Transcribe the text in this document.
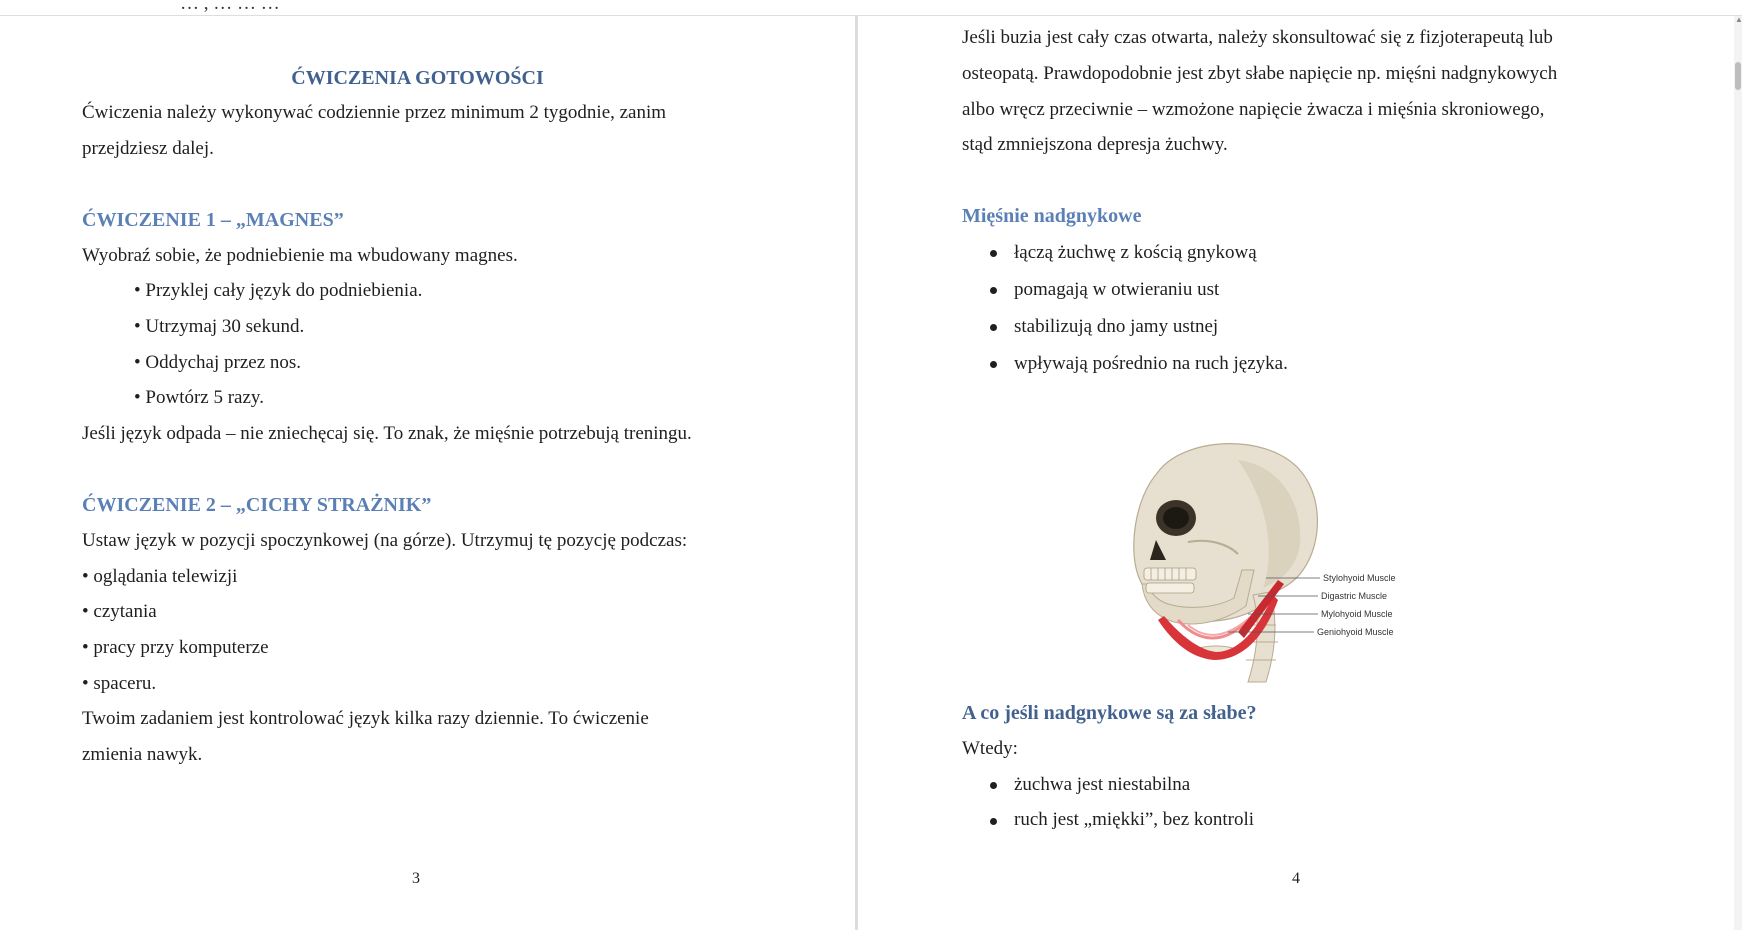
… , … … …

ĆWICZENIA GOTOWOŚCI

Ćwiczenia należy wykonywać codziennie przez minimum 2 tygodnie, zanim

przejdziesz dalej.

ĆWICZENIE 1 – „MAGNES”

Wyobraź sobie, że podniebienie ma wbudowany magnes.

• Przyklej cały język do podniebienia.

• Utrzymaj 30 sekund.

• Oddychaj przez nos.

• Powtórz 5 razy.

Jeśli język odpada – nie zniechęcaj się. To znak, że mięśnie potrzebują treningu.

ĆWICZENIE 2 – „CICHY STRAŻNIK”

Ustaw język w pozycji spoczynkowej (na górze). Utrzymuj tę pozycję podczas:

• oglądania telewizji

• czytania

• pracy przy komputerze

• spaceru.

Twoim zadaniem jest kontrolować język kilka razy dziennie. To ćwiczenie

zmienia nawyk.

3

Jeśli buzia jest cały czas otwarta, należy skonsultować się z fizjoterapeutą lub

osteopatą. Prawdopodobnie jest zbyt słabe napięcie np. mięśni nadgnykowych

albo wręcz przeciwnie – wzmożone napięcie żwacza i mięśnia skroniowego,

stąd zmniejszona depresja żuchwy.

Mięśnie nadgnykowe

łączą żuchwę z kością gnykową

pomagają w otwieraniu ust

stabilizują dno jamy ustnej

wpływają pośrednio na ruch języka.

Stylohyoid Muscle
Digastric Muscle
Mylohyoid Muscle
Geniohyoid Muscle

A co jeśli nadgnykowe są za słabe?

Wtedy:

żuchwa jest niestabilna

ruch jest „miękki”, bez kontroli

4

▲
